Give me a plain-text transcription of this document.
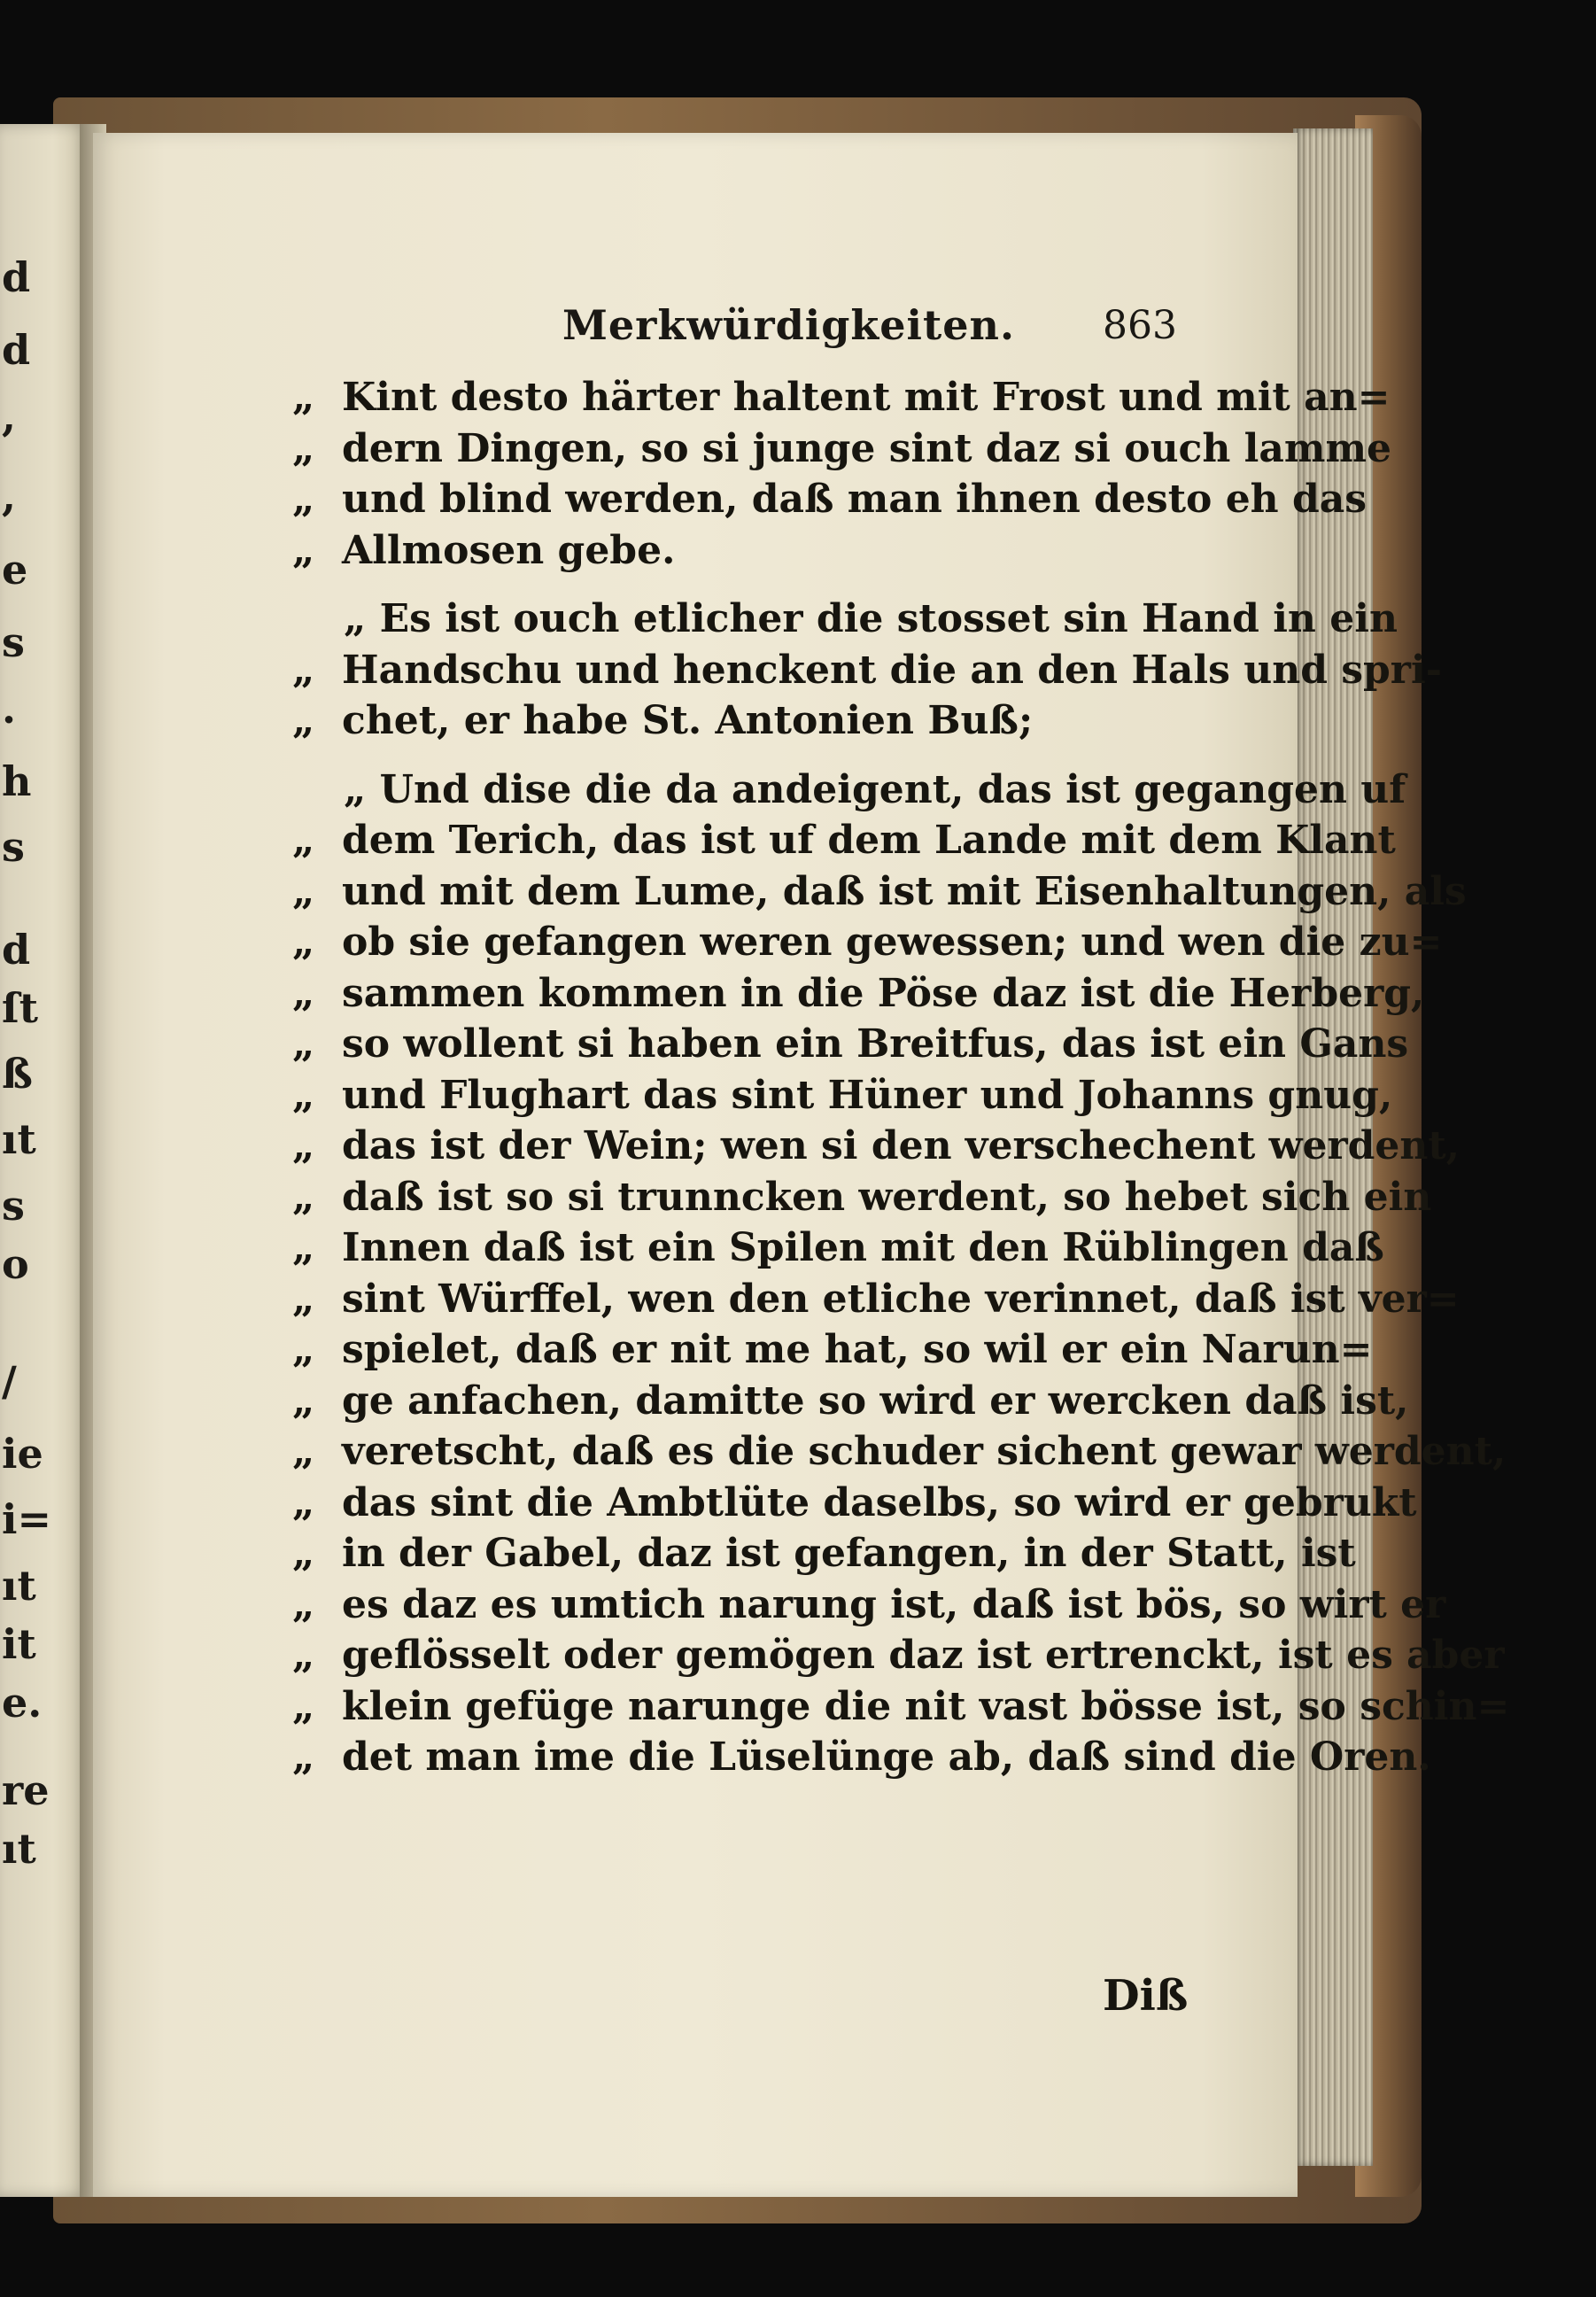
d
d
,
,
e
s
.
h
s
d
ſt
ß
ıt
s
o
/
ie
i=
ıt
it
e.
re
ıt
Merkwürdigkeiten. 863
„ Kint desto härter haltent mit Frost und mit an=
„ dern Dingen, so si junge sint daz si ouch lamme
„ und blind werden, daß man ihnen desto eh das
„ Allmosen gebe.
„ Es ist ouch etlicher die stosset sin Hand in ein
„ Handschu und henckent die an den Hals und spri-
„ chet, er habe St. Antonien Buß;
„ Und dise die da andeigent, das ist gegangen uf
„ dem Terich, das ist uf dem Lande mit dem Klant
„ und mit dem Lume, daß ist mit Eisenhaltungen, als
„ ob sie gefangen weren gewessen; und wen die zu=
„ sammen kommen in die Pöse daz ist die Herberg,
„ so wollent si haben ein Breitfus, das ist ein Gans
„ und Flughart das sint Hüner und Johanns gnug,
„ das ist der Wein; wen si den verschechent werdent,
„ daß ist so si trunncken werdent, so hebet sich ein
„ Innen daß ist ein Spilen mit den Rüblingen daß
„ sint Würffel, wen den etliche verinnet, daß ist ver=
„ spielet, daß er nit me hat, so wil er ein Narun=
„ ge anfachen, damitte so wird er wercken daß ist,
„ veretscht, daß es die schuder sichent gewar werdent,
„ das sint die Ambtlüte daselbs, so wird er gebrukt
„ in der Gabel, daz ist gefangen, in der Statt, ist
„ es daz es umtich narung ist, daß ist bös, so wirt er
„ geflösselt oder gemögen daz ist ertrenckt, ist es aber
„ klein gefüge narunge die nit vast bösse ist, so schin=
„ det man ime die Lüselünge ab, daß sind die Oren.
Diß
